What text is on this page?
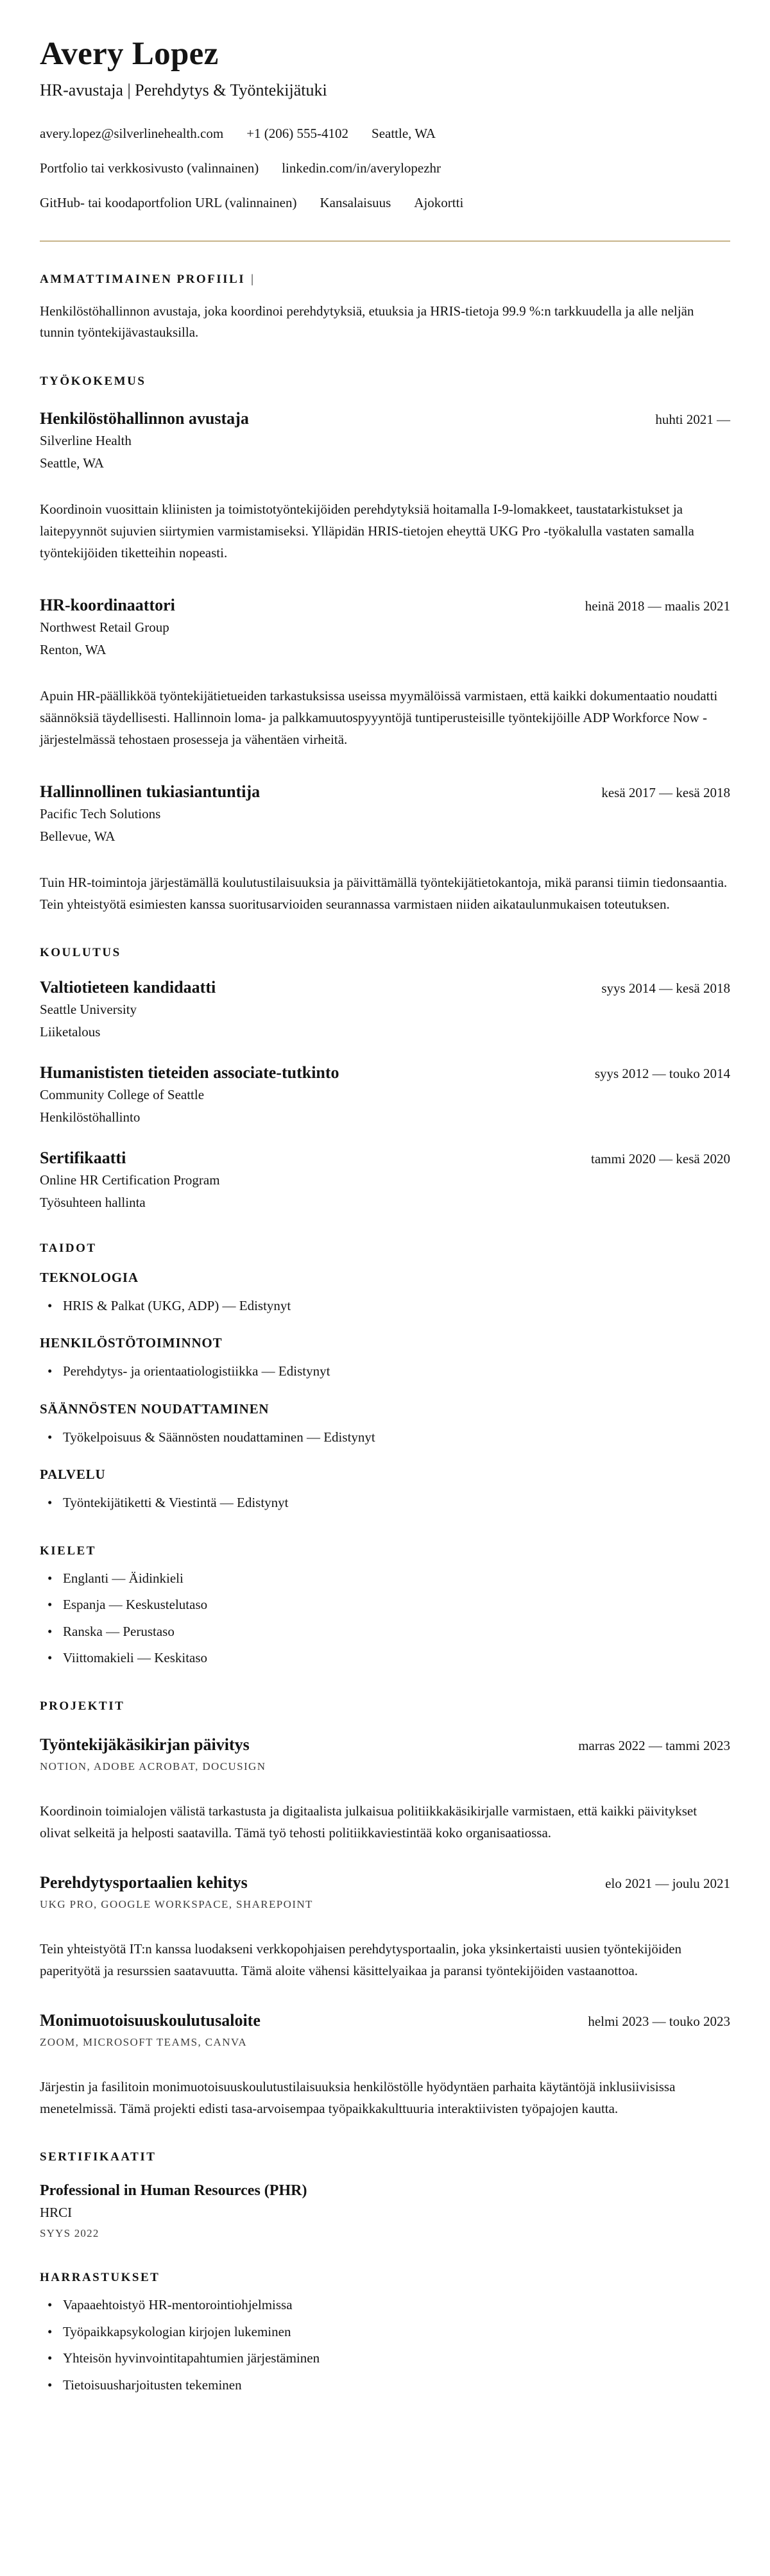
Avery Lopez
HR-avustaja | Perehdytys & Työntekijätuki
avery.lopez@silverlinehealth.com +1 (206) 555-4102 Seattle, WA
Portfolio tai verkkosivusto (valinnainen) linkedin.com/in/averylopezhr
GitHub- tai koodaportfolion URL (valinnainen) Kansalaisuus Ajokortti
AMMATTIMAINEN PROFIILI |

Henkilöstöhallinnon avustaja, joka koordinoi perehdytyksiä, etuuksia ja HRIS-tietoja 99.9 %:n tarkkuudella ja alle neljän tunnin työntekijävastauksilla.

TYÖKOKEMUS
Henkilöstöhallinnon avustaja	huhti 2021 —
Silverline Health
Seattle, WA

Koordinoin vuosittain kliinisten ja toimistotyöntekijöiden perehdytyksiä hoitamalla I-9-lomakkeet, taustatarkistukset ja laitepyynnöt sujuvien siirtymien varmistamiseksi. Ylläpidän HRIS-tietojen eheyttä UKG Pro -työkalulla vastaten samalla työntekijöiden tiketteihin nopeasti.

HR-koordinaattori	heinä 2018 — maalis 2021
Northwest Retail Group
Renton, WA

Apuin HR-päällikköä työntekijätietueiden tarkastuksissa useissa myymälöissä varmistaen, että kaikki dokumentaatio noudatti säännöksiä täydellisesti. Hallinnoin loma- ja palkkamuutospyyyntöjä tuntiperusteisille työntekijöille ADP Workforce Now -järjestelmässä tehostaen prosesseja ja vähentäen virheitä.

Hallinnollinen tukiasiantuntija	kesä 2017 — kesä 2018
Pacific Tech Solutions
Bellevue, WA

Tuin HR-toimintoja järjestämällä koulutustilaisuuksia ja päivittämällä työntekijätietokantoja, mikä paransi tiimin tiedonsaantia. Tein yhteistyötä esimiesten kanssa suoritusarvioiden seurannassa varmistaen niiden aikataulunmukaisen toteutuksen.

KOULUTUS
Valtiotieteen kandidaatti	syys 2014 — kesä 2018
Seattle University
Liiketalous
Humanististen tieteiden associate-tutkinto	syys 2012 — touko 2014
Community College of Seattle
Henkilöstöhallinto
Sertifikaatti	tammi 2020 — kesä 2020
Online HR Certification Program
Työsuhteen hallinta
TAIDOT
TEKNOLOGIA
• HRIS & Palkat (UKG, ADP) — Edistynyt
HENKILÖSTÖTOIMINNOT
• Perehdytys- ja orientaatiologistiikka — Edistynyt
SÄÄNNÖSTEN NOUDATTAMINEN
• Työkelpoisuus & Säännösten noudattaminen — Edistynyt
PALVELU
• Työntekijätiketti & Viestintä — Edistynyt
KIELET
• Englanti — Äidinkieli
• Espanja — Keskustelutaso
• Ranska — Perustaso
• Viittomakieli — Keskitaso
PROJEKTIT
Työntekijäkäsikirjan päivitys	marras 2022 — tammi 2023
NOTION, ADOBE ACROBAT, DOCUSIGN

Koordinoin toimialojen välistä tarkastusta ja digitaalista julkaisua politiikkakäsikirjalle varmistaen, että kaikki päivitykset olivat selkeitä ja helposti saatavilla. Tämä työ tehosti politiikkaviestintää koko organisaatiossa.

Perehdytysportaalien kehitys	elo 2021 — joulu 2021
UKG PRO, GOOGLE WORKSPACE, SHAREPOINT

Tein yhteistyötä IT:n kanssa luodakseni verkkopohjaisen perehdytysportaalin, joka yksinkertaisti uusien työntekijöiden paperityötä ja resurssien saatavuutta. Tämä aloite vähensi käsittelyaikaa ja paransi työntekijöiden vastaanottoa.

Monimuotoisuuskoulutusaloite	helmi 2023 — touko 2023
ZOOM, MICROSOFT TEAMS, CANVA

Järjestin ja fasilitoin monimuotoisuuskoulutustilaisuuksia henkilöstölle hyödyntäen parhaita käytäntöjä inklusiivisissa menetelmissä. Tämä projekti edisti tasa-arvoisempaa työpaikkakulttuuria interaktiivisten työpajojen kautta.

SERTIFIKAATIT
Professional in Human Resources (PHR)
HRCI
SYYS 2022
HARRASTUKSET
• Vapaaehtoistyö HR-mentorointiohjelmissa
• Työpaikkapsykologian kirjojen lukeminen
• Yhteisön hyvinvointitapahtumien järjestäminen
• Tietoisuusharjoitusten tekeminen
